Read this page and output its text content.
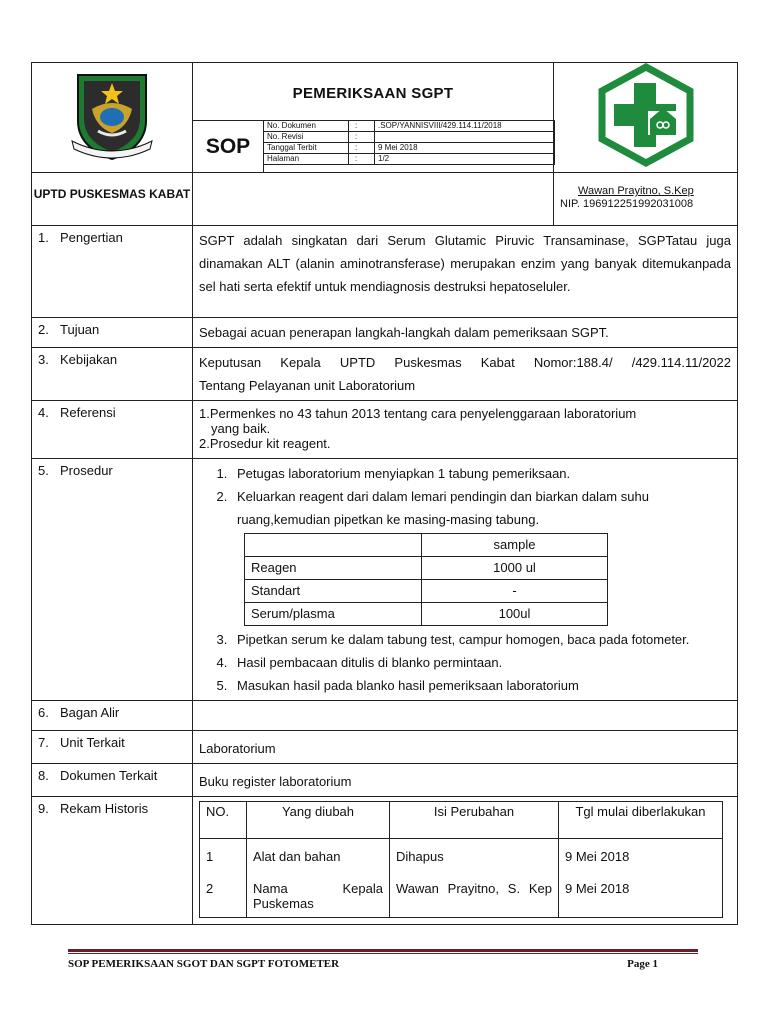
PEMERIKSAAN SGPT
SOP
No. Dokumen	:	.SOP/YANNISVIII/429.114.11/2018
No. Revisi	:	
Tanggal Terbit	:	9 Mei 2018
Halaman	:	1/2

UPTD PUSKESMAS KABAT		Wawan Prayitno, S.Kep
NIP. 196912251992031008

1. Pengertian	SGPT adalah singkatan dari Serum Glutamic Piruvic Transaminase, SGPTatau juga dinamakan ALT (alanin aminotransferase) merupakan enzim yang banyak ditemukanpada sel hati serta efektif untuk mendiagnosis destruksi hepatoseluler.
2. Tujuan	Sebagai acuan penerapan langkah-langkah dalam pemeriksaan SGPT.
3. Kebijakan	Keputusan Kepala UPTD Puskesmas Kabat Nomor:188.4/ /429.114.11/2022
Tentang Pelayanan unit Laboratorium

4. Referensi	1.Permenkes no 43 tahun 2013 tentang cara penyelenggaraan laboratorium
yang baik.
2.Prosedur kit reagent.

5. Prosedur	
1.Petugas laboratorium menyiapkan 1 tabung pemeriksaan.
2. Keluarkan reagent dari dalam lemari pendingin dan biarkan dalam suhu ruang,kemudian pipetkan ke masing-masing tabung.
	sample
Reagen	1000 ul
Standart	-
Serum/plasma	100ul
3. Pipetkan serum ke dalam tabung test, campur homogen, baca pada fotometer.
4. Hasil pembacaan ditulis di blanko permintaan.
5. Masukan hasil pada blanko hasil pemeriksaan laboratorium

6. Bagan Alir	
7. Unit Terkait	Laboratorium
8. Dokumen Terkait	Buku register laboratorium
9. Rekam Historis		NO.	Yang diubah	Isi Perubahan	Tgl mulai diberlakukan
1	Alat dan bahan	Dihapus	9 Mei 2018
2	Nama Kepala Puskemas	Wawan Prayitno, S. Kep	9 Mei 2018
SOP PEMERIKSAAN SGOT DAN SGPT FOTOMETER	Page 1
